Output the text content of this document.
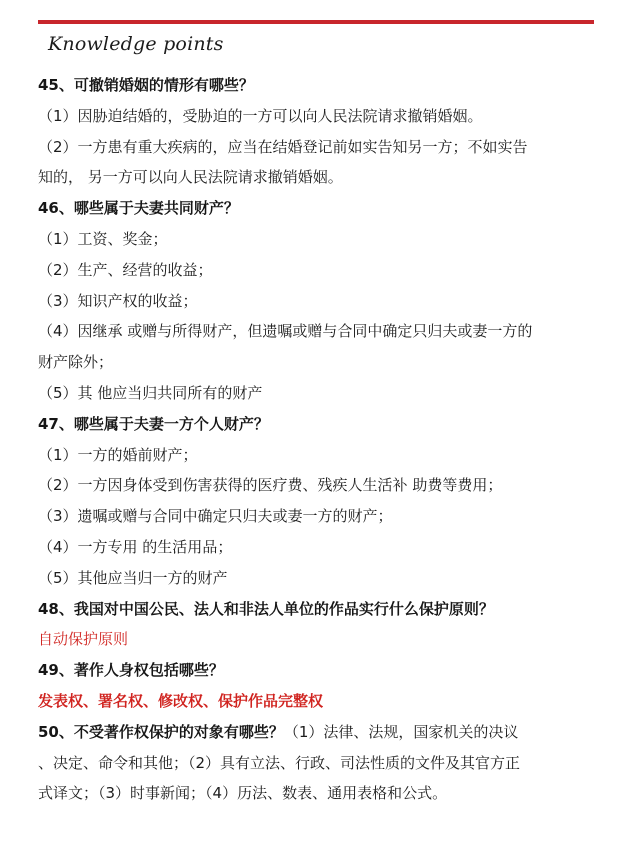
Knowledge points

45、可撤销婚姻的情形有哪些？

（1）因胁迫结婚的，受胁迫的一方可以向人民法院请求撤销婚姻。

（2）一方患有重大疾病的，应当在结婚登记前如实告知另一方；不如实告

知的， 另一方可以向人民法院请求撤销婚姻。

46、哪些属于夫妻共同财产？

（1）工资、奖金；

（2）生产、经营的收益；

（3）知识产权的收益；

（4）因继承 或赠与所得财产，但遗嘱或赠与合同中确定只归夫或妻一方的

财产除外；

（5）其 他应当归共同所有的财产

47、哪些属于夫妻一方个人财产？

（1）一方的婚前财产；

（2）一方因身体受到伤害获得的医疗费、残疾人生活补 助费等费用；

（3）遗嘱或赠与合同中确定只归夫或妻一方的财产；

（4）一方专用 的生活用品；

（5）其他应当归一方的财产

48、我国对中国公民、法人和非法人单位的作品实行什么保护原则？

自动保护原则

49、著作人身权包括哪些？

发表权、署名权、修改权、保护作品完整权

50、不受著作权保护的对象有哪些？（1）法律、法规，国家机关的决议

、决定、命令和其他；（2）具有立法、行政、司法性质的文件及其官方正

式译文；（3）时事新闻；（4）历法、数表、通用表格和公式。
